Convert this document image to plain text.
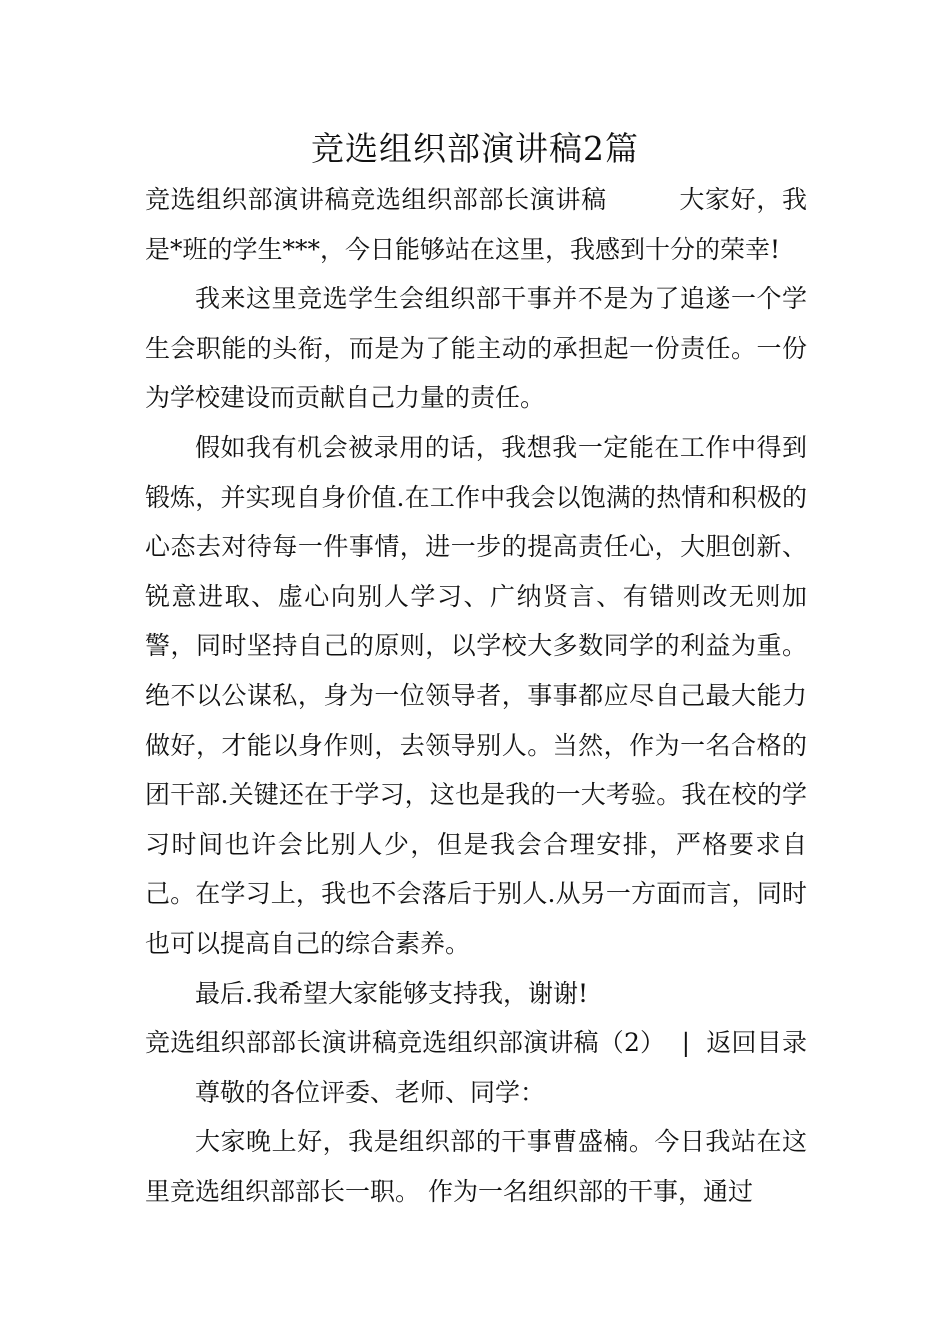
竞选组织部演讲稿2篇

竞选组织部演讲稿竞选组织部部长演讲稿	大家好，我是*班的学生***，今日能够站在这里，我感到十分的荣幸!

我来这里竞选学生会组织部干事并不是为了追遂一个学生会职能的头衔，而是为了能主动的承担起一份责任。一份为学校建设而贡献自己力量的责任。

假如我有机会被录用的话，我想我一定能在工作中得到锻炼，并实现自身价值.在工作中我会以饱满的热情和积极的心态去对待每一件事情，进一步的提高责任心，大胆创新、锐意进取、虚心向别人学习、广纳贤言、有错则改无则加警，同时坚持自己的原则，以学校大多数同学的利益为重。绝不以公谋私，身为一位领导者，事事都应尽自己最大能力做好，才能以身作则，去领导别人。当然，作为一名合格的团干部.关键还在于学习，这也是我的一大考验。我在校的学习时间也许会比别人少，但是我会合理安排，严格要求自己。在学习上，我也不会落后于别人.从另一方面而言，同时也可以提高自己的综合素养。

最后.我希望大家能够支持我，谢谢!

竞选组织部部长演讲稿竞选组织部演讲稿（2） | 返回目录尊敬的各位评委、老师、同学：

大家晚上好，我是组织部的干事曹盛楠。今日我站在这里竞选组织部部长一职。 作为一名组织部的干事，通过
